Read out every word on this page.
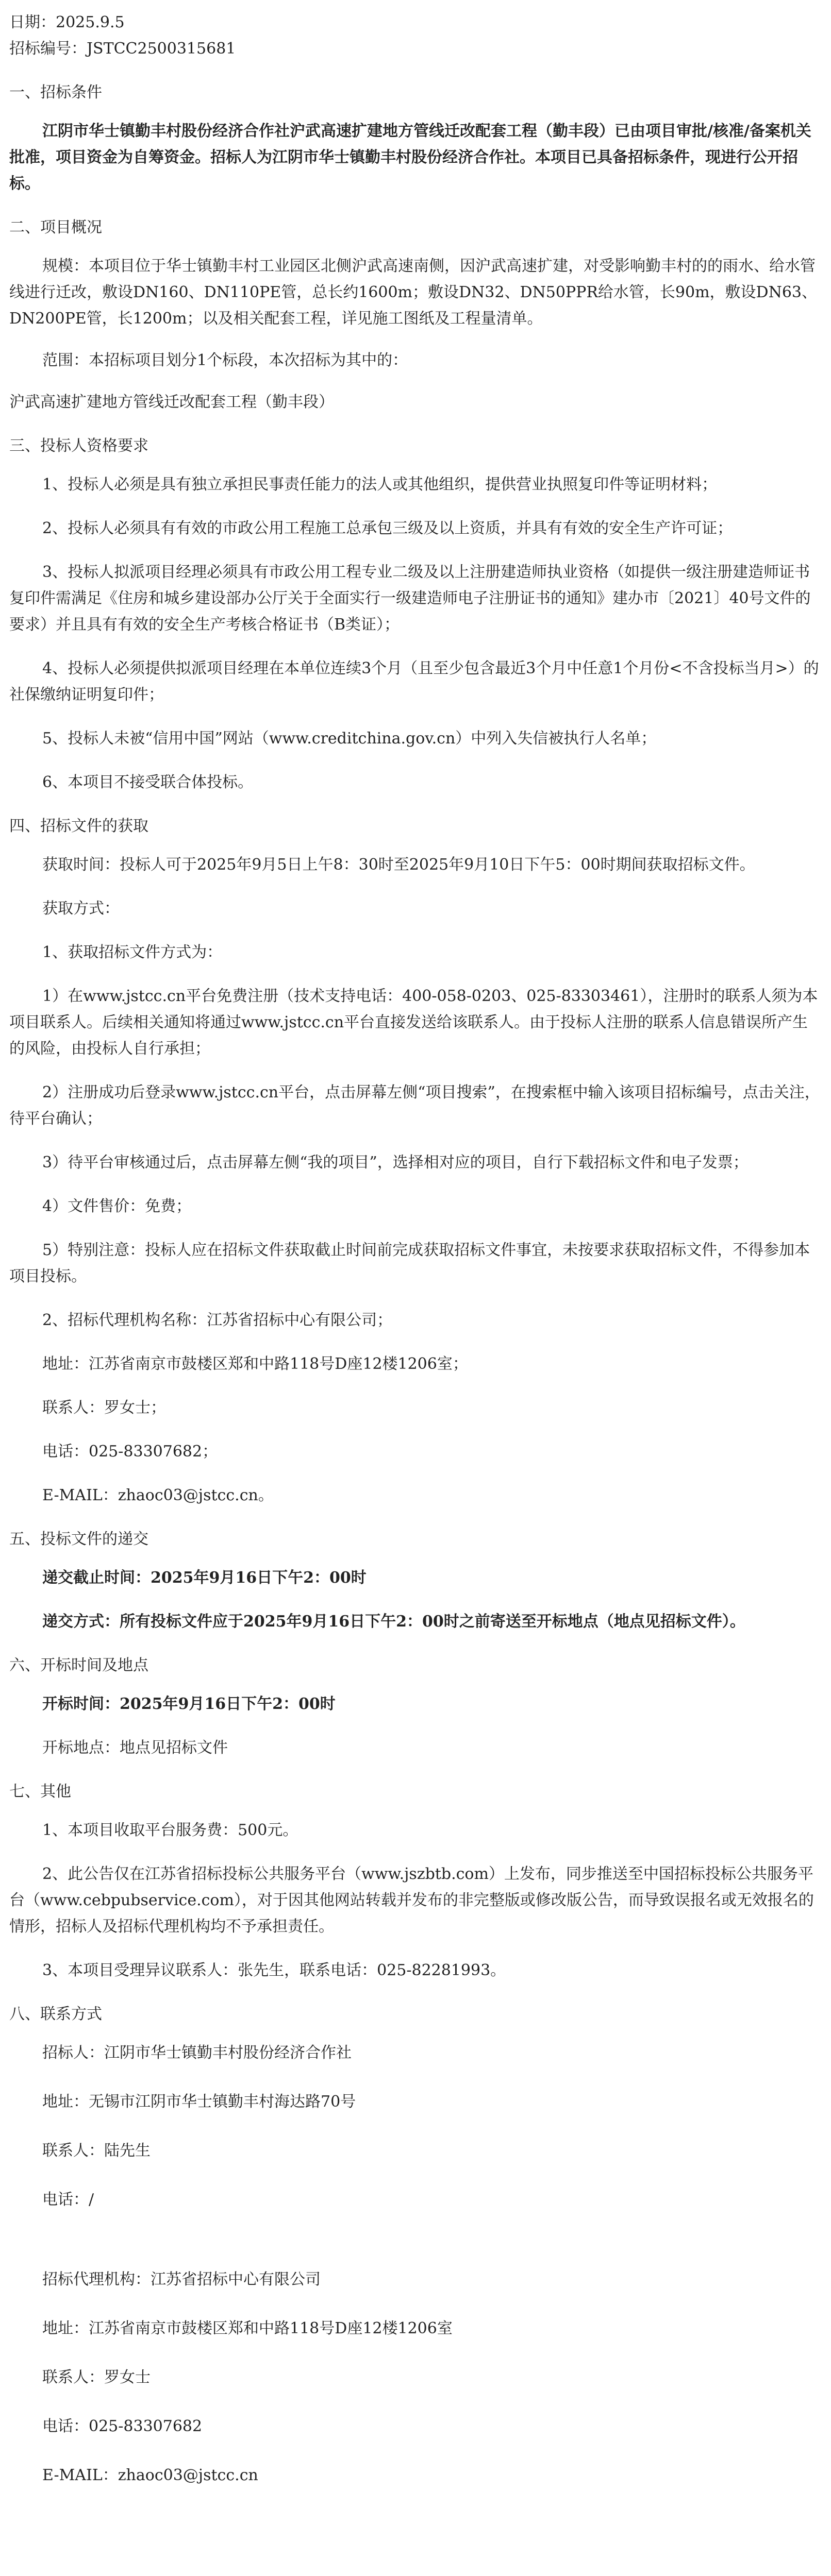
日期：2025.9.5

招标编号：JSTCC2500315681

一、招标条件

江阴市华士镇勤丰村股份经济合作社沪武高速扩建地方管线迁改配套工程（勤丰段）已由项目审批/核准/备案机关批准，项目资金为自筹资金。招标人为江阴市华士镇勤丰村股份经济合作社。本项目已具备招标条件，现进行公开招标。

二、项目概况

规模：本项目位于华士镇勤丰村工业园区北侧沪武高速南侧，因沪武高速扩建，对受影响勤丰村的的雨水、给水管线进行迁改，敷设DN160、DN110PE管，总长约1600m；敷设DN32、DN50PPR给水管，长90m，敷设DN63、DN200PE管，长1200m；以及相关配套工程，详见施工图纸及工程量清单。

范围：本招标项目划分1个标段，本次招标为其中的：

沪武高速扩建地方管线迁改配套工程（勤丰段）

三、投标人资格要求

1、投标人必须是具有独立承担民事责任能力的法人或其他组织，提供营业执照复印件等证明材料；

2、投标人必须具有有效的市政公用工程施工总承包三级及以上资质，并具有有效的安全生产许可证；

3、投标人拟派项目经理必须具有市政公用工程专业二级及以上注册建造师执业资格（如提供一级注册建造师证书复印件需满足《住房和城乡建设部办公厅关于全面实行一级建造师电子注册证书的通知》建办市〔2021〕40号文件的要求）并且具有有效的安全生产考核合格证书（B类证）；

4、投标人必须提供拟派项目经理在本单位连续3个月（且至少包含最近3个月中任意1个月份<不含投标当月>）的社保缴纳证明复印件；

5、投标人未被“信用中国”网站（www.creditchina.gov.cn）中列入失信被执行人名单；

6、本项目不接受联合体投标。

四、招标文件的获取

获取时间：投标人可于2025年9月5日上午8：30时至2025年9月10日下午5：00时期间获取招标文件。

获取方式：

1、获取招标文件方式为：

1）在www.jstcc.cn平台免费注册（技术支持电话：400-058-0203、025-83303461），注册时的联系人须为本项目联系人。后续相关通知将通过www.jstcc.cn平台直接发送给该联系人。由于投标人注册的联系人信息错误所产生的风险，由投标人自行承担；

2）注册成功后登录www.jstcc.cn平台，点击屏幕左侧“项目搜索”，在搜索框中输入该项目招标编号，点击关注，待平台确认；

3）待平台审核通过后，点击屏幕左侧“我的项目”，选择相对应的项目，自行下载招标文件和电子发票；

4）文件售价：免费；

5）特别注意：投标人应在招标文件获取截止时间前完成获取招标文件事宜，未按要求获取招标文件，不得参加本项目投标。

2、招标代理机构名称：江苏省招标中心有限公司；

地址：江苏省南京市鼓楼区郑和中路118号D座12楼1206室；

联系人：罗女士；

电话：025-83307682；

E-MAIL：zhaoc03@jstcc.cn。

五、投标文件的递交

递交截止时间：2025年9月16日下午2：00时

递交方式：所有投标文件应于2025年9月16日下午2：00时之前寄送至开标地点（地点见招标文件）。

六、开标时间及地点

开标时间：2025年9月16日下午2：00时

开标地点：地点见招标文件

七、其他

1、本项目收取平台服务费：500元。

2、此公告仅在江苏省招标投标公共服务平台（www.jszbtb.com）上发布，同步推送至中国招标投标公共服务平台（www.cebpubservice.com），对于因其他网站转载并发布的非完整版或修改版公告，而导致误报名或无效报名的情形，招标人及招标代理机构均不予承担责任。

3、本项目受理异议联系人：张先生，联系电话：025-82281993。

八、联系方式

招标人：江阴市华士镇勤丰村股份经济合作社

地址：无锡市江阴市华士镇勤丰村海达路70号

联系人：陆先生

电话：/

招标代理机构：江苏省招标中心有限公司

地址：江苏省南京市鼓楼区郑和中路118号D座12楼1206室

联系人：罗女士

电话：025-83307682

E-MAIL：zhaoc03@jstcc.cn
